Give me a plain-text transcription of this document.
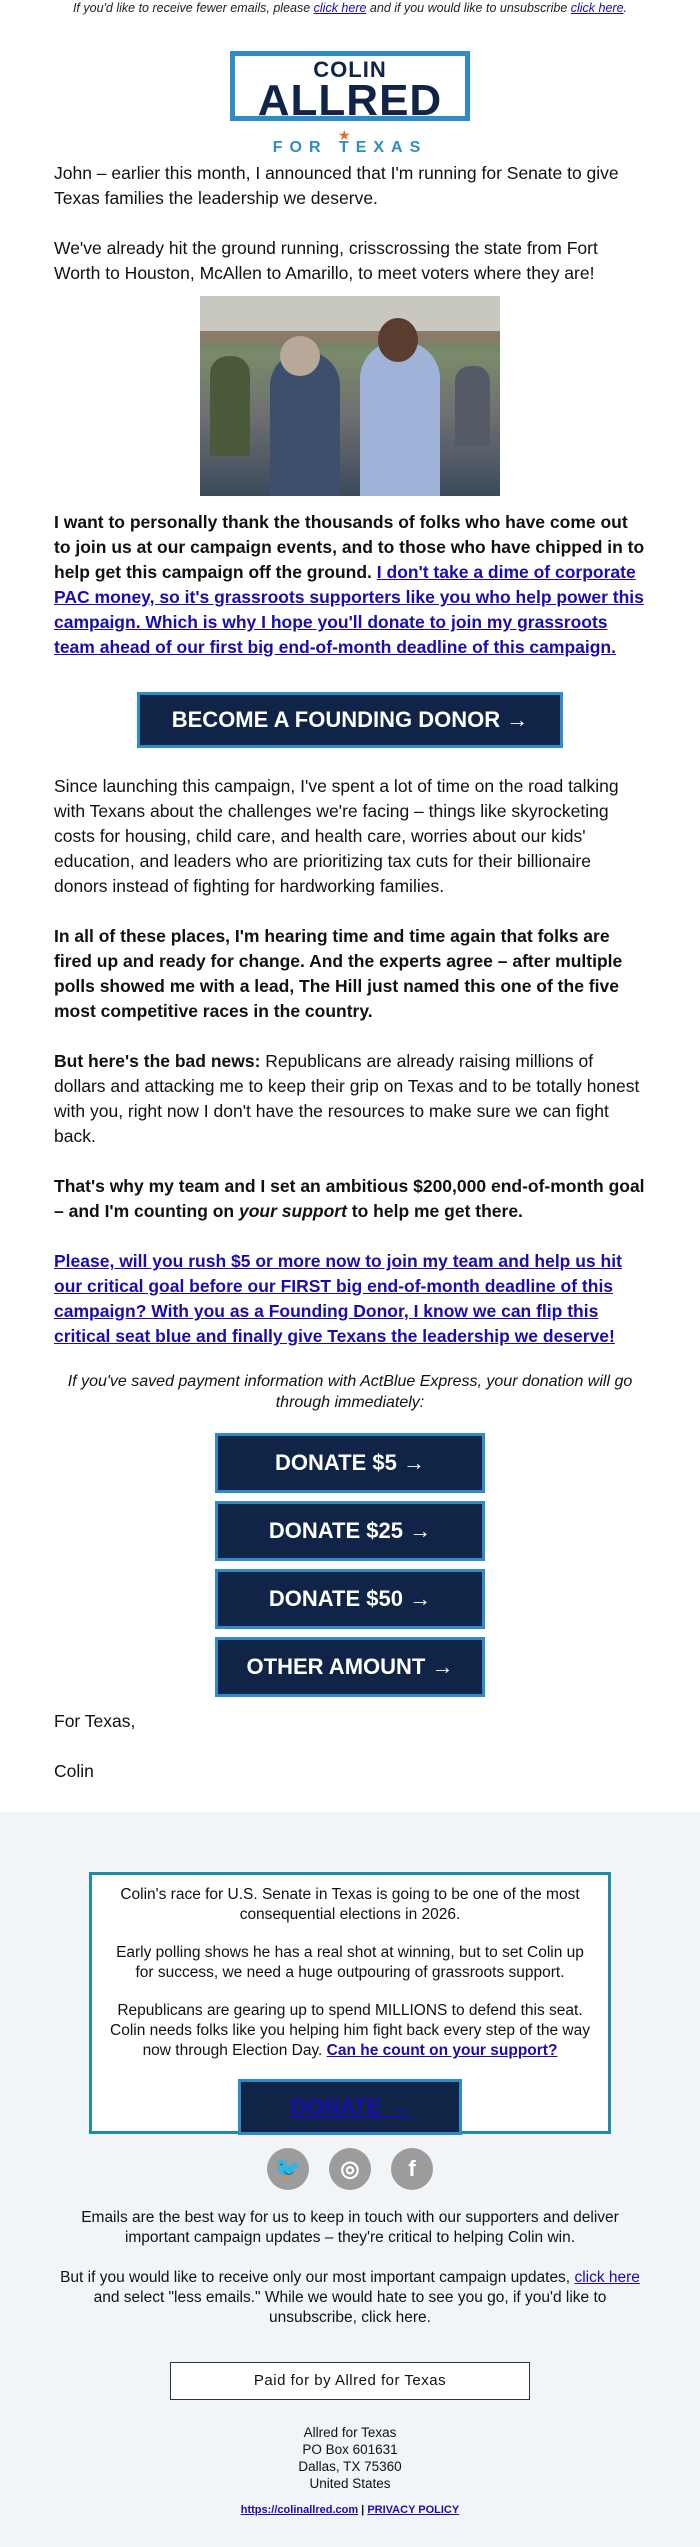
If you'd like to receive fewer emails, please click here and if you would like to unsubscribe click here.
COLIN
ALLRED
★
FOR TEXAS

John – earlier this month, I announced that I'm running for Senate to give Texas families the leadership we deserve.

We've already hit the ground running, crisscrossing the state from Fort Worth to Houston, McAllen to Amarillo, to meet voters where they are!

I want to personally thank the thousands of folks who have come out to join us at our campaign events, and to those who have chipped in to help get this campaign off the ground. I don't take a dime of corporate PAC money, so it's grassroots supporters like you who help power this campaign. Which is why I hope you'll donate to join my grassroots team ahead of our first big end-of-month deadline of this campaign.

BECOME A FOUNDING DONOR →

Since launching this campaign, I've spent a lot of time on the road talking with Texans about the challenges we're facing – things like skyrocketing costs for housing, child care, and health care, worries about our kids' education, and leaders who are prioritizing tax cuts for their billionaire donors instead of fighting for hardworking families.

In all of these places, I'm hearing time and time again that folks are fired up and ready for change. And the experts agree – after multiple polls showed me with a lead, The Hill just named this one of the five most competitive races in the country.

But here's the bad news: Republicans are already raising millions of dollars and attacking me to keep their grip on Texas and to be totally honest with you, right now I don't have the resources to make sure we can fight back.

That's why my team and I set an ambitious $200,000 end-of-month goal – and I'm counting on your support to help me get there.

Please, will you rush $5 or more now to join my team and help us hit our critical goal before our FIRST big end-of-month deadline of this campaign? With you as a Founding Donor, I know we can flip this critical seat blue and finally give Texans the leadership we deserve!

If you've saved payment information with ActBlue Express, your donation will go through immediately:

DONATE $5 →
DONATE $25 →
DONATE $50 →
OTHER AMOUNT →

For Texas,

Colin

Colin's race for U.S. Senate in Texas is going to be one of the most consequential elections in 2026.

Early polling shows he has a real shot at winning, but to set Colin up for success, we need a huge outpouring of grassroots support.

Republicans are gearing up to spend MILLIONS to defend this seat. Colin needs folks like you helping him fight back every step of the way now through Election Day. Can he count on your support?

DONATE →
🐦 ◎ f

Emails are the best way for us to keep in touch with our supporters and deliver important campaign updates – they're critical to helping Colin win.

But if you would like to receive only our most important campaign updates, click here and select "less emails." While we would hate to see you go, if you'd like to unsubscribe, click here.

Paid for by Allred for Texas
Allred for Texas
PO Box 601631
Dallas, TX 75360
United States
https://colinallred.com | PRIVACY POLICY
